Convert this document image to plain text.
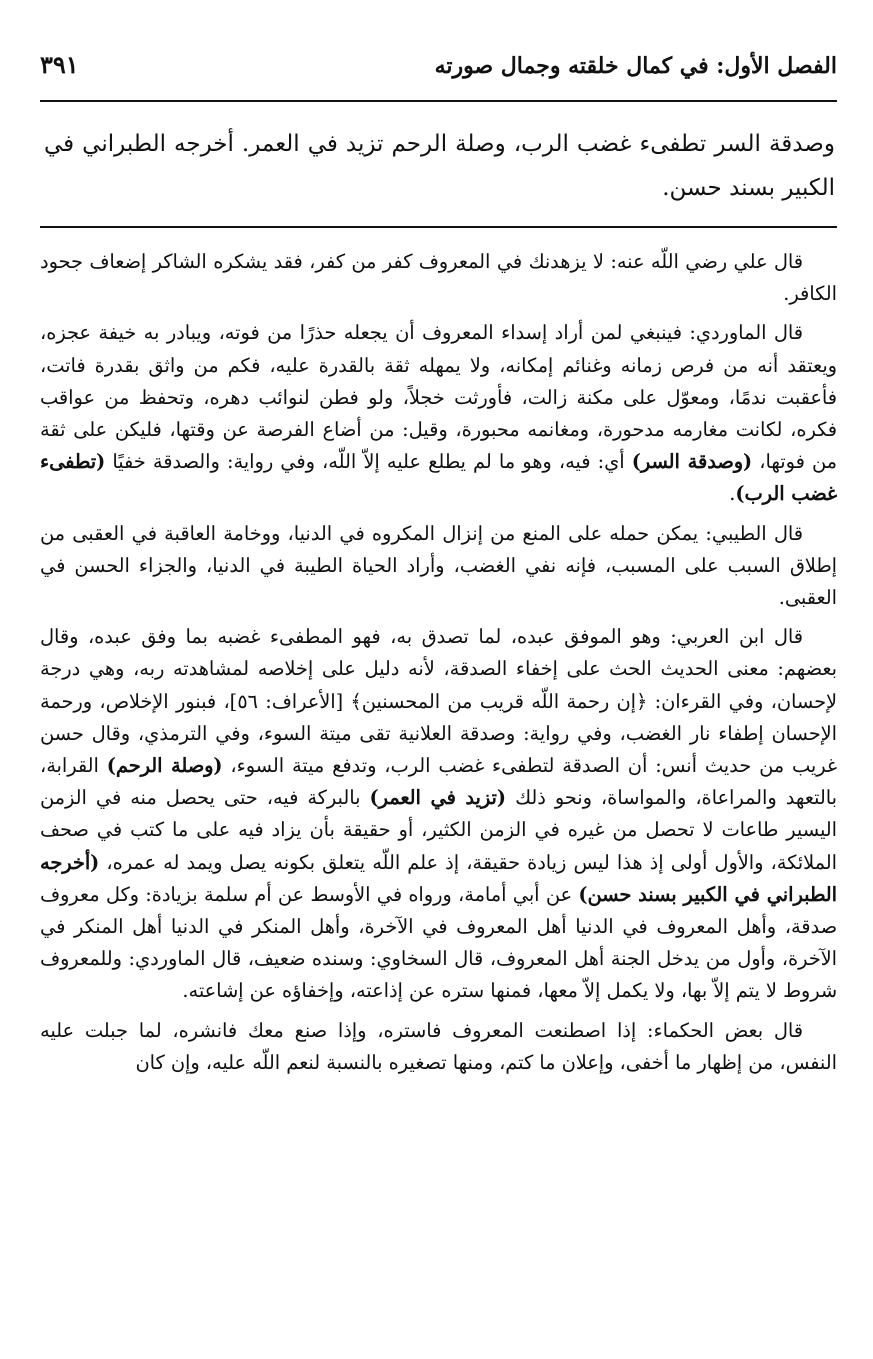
الفصل الأول: في كمال خلقته وجمال صورته
٣٩١
وصدقة السر تطفىء غضب الرب، وصلة الرحم تزيد في العمر. أخرجه الطبراني في الكبير بسند حسن.

قال علي رضي اللّه عنه: لا يزهدنك في المعروف كفر من كفر، فقد يشكره الشاكر إضعاف جحود الكافر.

قال الماوردي: فينبغي لمن أراد إسداء المعروف أن يجعله حذرًا من فوته، ويبادر به خيفة عجزه، ويعتقد أنه من فرص زمانه وغنائم إمكانه، ولا يمهله ثقة بالقدرة عليه، فكم من واثق بقدرة فاتت، فأعقبت ندمًا، ومعوّل على مكنة زالت، فأورثت خجلاً، ولو فطن لنوائب دهره، وتحفظ من عواقب فكره، لكانت مغارمه مدحورة، ومغانمه محبورة، وقيل: من أضاع الفرصة عن وقتها، فليكن على ثقة من فوتها، (وصدقة السر) أي: فيه، وهو ما لم يطلع عليه إلاّ اللّه، وفي رواية: والصدقة خفيًا (تطفىء غضب الرب).

قال الطيبي: يمكن حمله على المنع من إنزال المكروه في الدنيا، ووخامة العاقبة في العقبى من إطلاق السبب على المسبب، فإنه نفي الغضب، وأراد الحياة الطيبة في الدنيا، والجزاء الحسن في العقبى.

قال ابن العربي: وهو الموفق عبده، لما تصدق به، فهو المطفىء غضبه بما وفق عبده، وقال بعضهم: معنى الحديث الحث على إخفاء الصدقة، لأنه دليل على إخلاصه لمشاهدته ربه، وهي درجة لإحسان، وفي القرءان: ﴿إن رحمة اللّه قريب من المحسنين﴾ [الأعراف: ٥٦]، فبنور الإخلاص، ورحمة الإحسان إطفاء نار الغضب، وفي رواية: وصدقة العلانية تقى ميتة السوء، وفي الترمذي، وقال حسن غريب من حديث أنس: أن الصدقة لتطفىء غضب الرب، وتدفع ميتة السوء، (وصلة الرحم) القرابة، بالتعهد والمراعاة، والمواساة، ونحو ذلك (تزيد في العمر) بالبركة فيه، حتى يحصل منه في الزمن اليسير طاعات لا تحصل من غيره في الزمن الكثير، أو حقيقة بأن يزاد فيه على ما كتب في صحف الملائكة، والأول أولى إذ هذا ليس زيادة حقيقة، إذ علم اللّه يتعلق بكونه يصل ويمد له عمره، (أخرجه الطبراني في الكبير بسند حسن) عن أبي أمامة، ورواه في الأوسط عن أم سلمة بزيادة: وكل معروف صدقة، وأهل المعروف في الدنيا أهل المعروف في الآخرة، وأهل المنكر في الدنيا أهل المنكر في الآخرة، وأول من يدخل الجنة أهل المعروف، قال السخاوي: وسنده ضعيف، قال الماوردي: وللمعروف شروط لا يتم إلاّ بها، ولا يكمل إلاّ معها، فمنها ستره عن إذاعته، وإخفاؤه عن إشاعته.

قال بعض الحكماء: إذا اصطنعت المعروف فاستره، وإذا صنع معك فانشره، لما جبلت عليه النفس، من إظهار ما أخفى، وإعلان ما كتم، ومنها تصغيره بالنسبة لنعم اللّه عليه، وإن كان
